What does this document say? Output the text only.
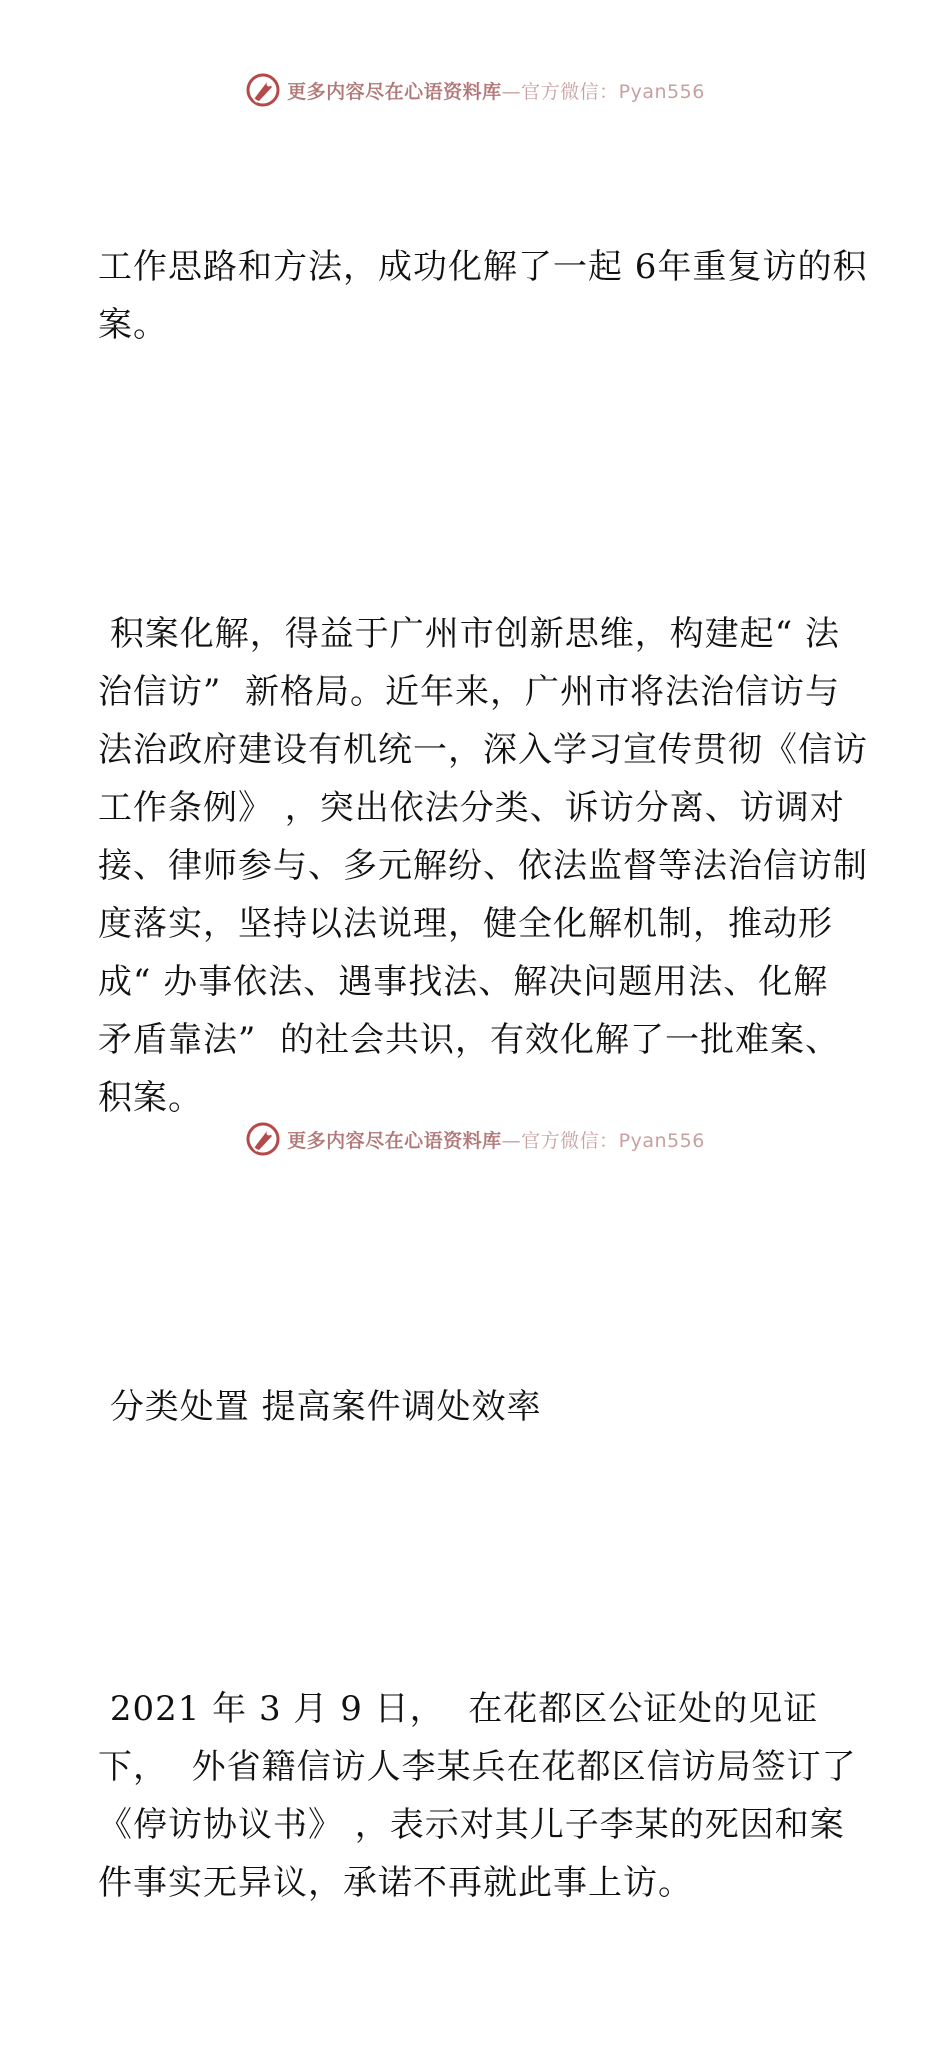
更多内容尽在心语资料库—官方微信：Pyan556

工作思路和方法，成功化解了一起 6年重复访的积
案。

积案化解，得益于广州市创新思维，构建起“ 法
治信访”  新格局。近年来，广州市将法治信访与
法治政府建设有机统一，深入学习宣传贯彻《信访
工作条例》 ，突出依法分类、诉访分离、访调对
接、律师参与、多元解纷、依法监督等法治信访制
度落实，坚持以法说理，健全化解机制，推动形
成“ 办事依法、遇事找法、解决问题用法、化解
矛盾靠法”  的社会共识，有效化解了一批难案、
积案。

分类处置 提高案件调处效率

2021 年 3 月 9 日，  在花都区公证处的见证
下，  外省籍信访人李某兵在花都区信访局签订了
《停访协议书》 ，表示对其儿子李某的死因和案
件事实无异议，承诺不再就此事上访。

更多内容尽在心语资料库—官方微信：Pyan556
